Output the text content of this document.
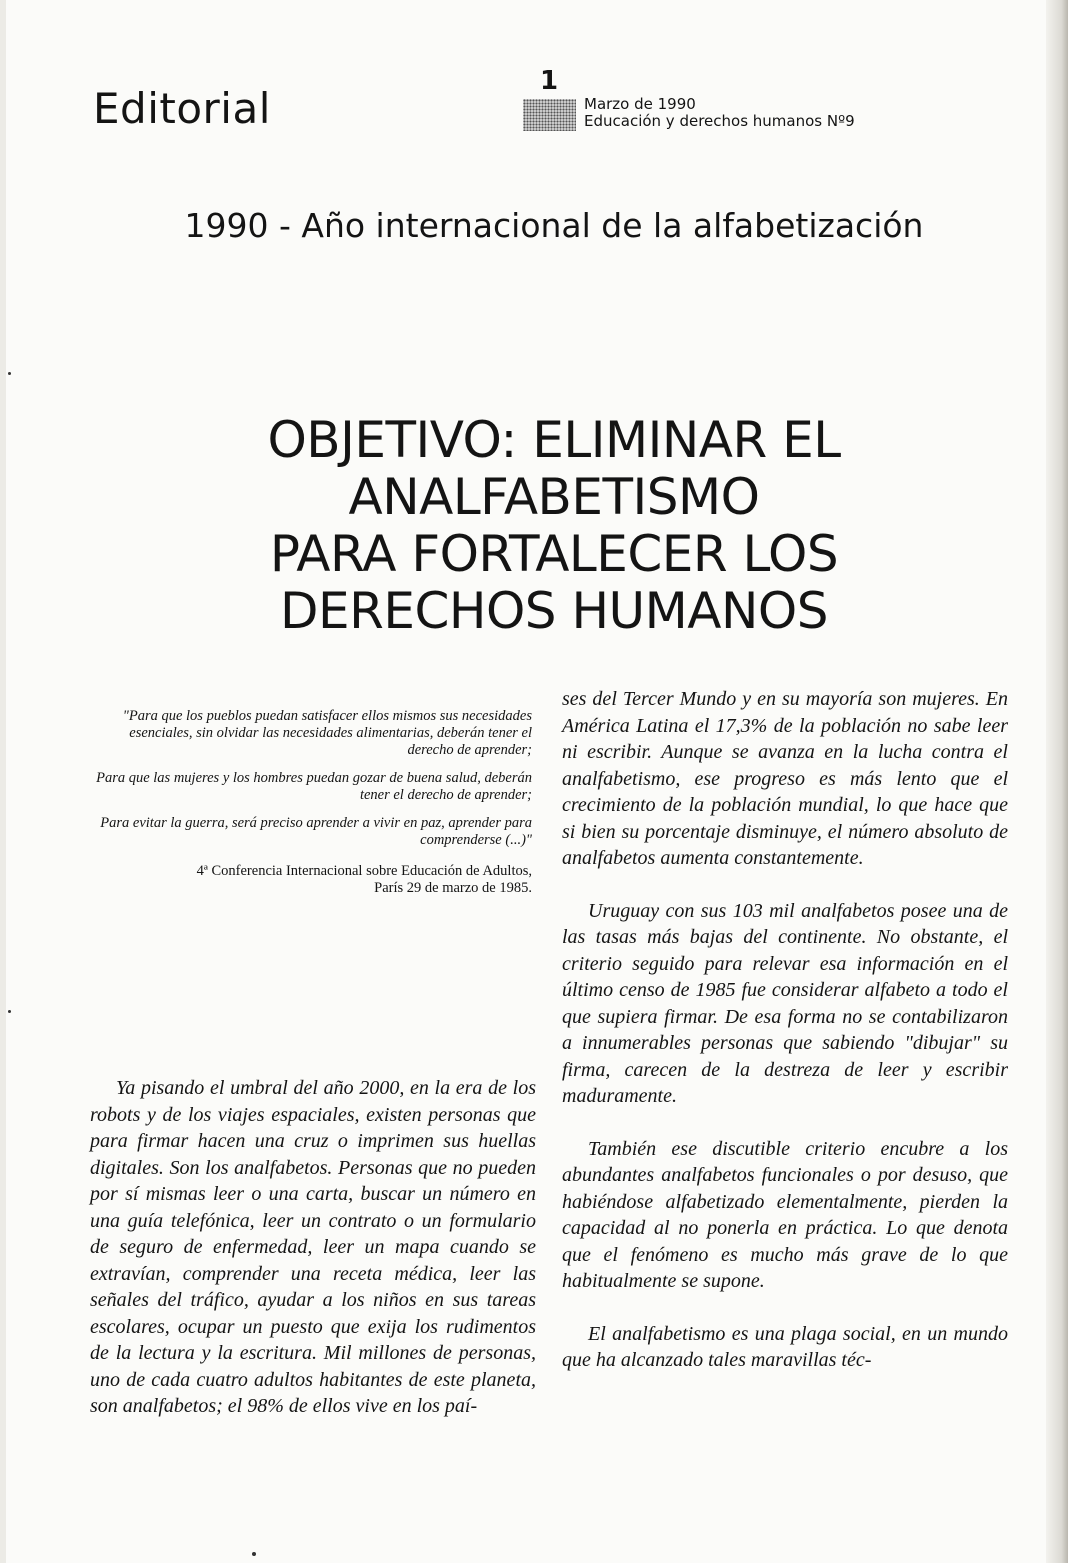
Editorial
1
Marzo de 1990
Educación y derechos humanos Nº9
1990 - Año internacional de la alfabetización
OBJETIVO: ELIMINAR EL
ANALFABETISMO
PARA FORTALECER LOS
DERECHOS HUMANOS

"Para que los pueblos puedan satisfacer ellos mismos sus necesidades esenciales, sin olvidar las necesidades alimentarias, deberán tener el derecho de aprender;

Para que las mujeres y los hombres puedan gozar de buena salud, deberán tener el derecho de aprender;

Para evitar la guerra, será preciso aprender a vivir en paz, aprender para comprenderse (...)"

4ª Conferencia Internacional sobre Educación de Adultos,
París 29 de marzo de 1985.

Ya pisando el umbral del año 2000, en la era de los robots y de los viajes espaciales, existen personas que para firmar hacen una cruz o imprimen sus huellas digitales. Son los analfabetos. Personas que no pueden por sí mismas leer o una carta, buscar un número en una guía telefónica, leer un contrato o un formulario de seguro de enfermedad, leer un mapa cuando se extravían, comprender una receta médica, leer las señales del tráfico, ayudar a los niños en sus tareas escolares, ocupar un puesto que exija los rudimentos de la lectura y la escritura. Mil millones de personas, uno de cada cuatro adultos habitantes de este planeta, son analfabetos; el 98% de ellos vive en los paí-

ses del Tercer Mundo y en su mayoría son mujeres. En América Latina el 17,3% de la población no sabe leer ni escribir. Aunque se avanza en la lucha contra el analfabetismo, ese progreso es más lento que el crecimiento de la población mundial, lo que hace que si bien su porcentaje disminuye, el número absoluto de analfabetos aumenta constantemente.

Uruguay con sus 103 mil analfabetos posee una de las tasas más bajas del continente. No obstante, el criterio seguido para relevar esa información en el último censo de 1985 fue considerar alfabeto a todo el que supiera firmar. De esa forma no se contabilizaron a innumerables personas que sabiendo "dibujar" su firma, carecen de la destreza de leer y escribir maduramente.

También ese discutible criterio encubre a los abundantes analfabetos funcionales o por desuso, que habiéndose alfabetizado elementalmente, pierden la capacidad al no ponerla en práctica. Lo que denota que el fenómeno es mucho más grave de lo que habitualmente se supone.

El analfabetismo es una plaga social, en un mundo que ha alcanzado tales maravillas téc-
